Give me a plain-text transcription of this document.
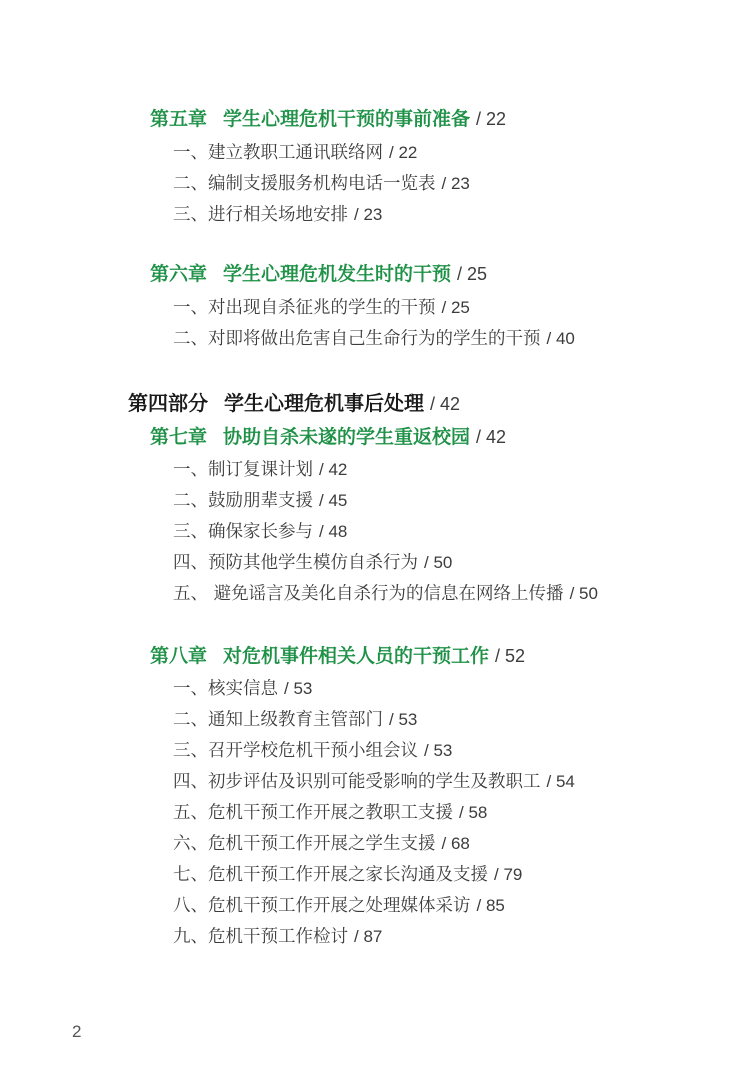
第五章 学生心理危机干预的事前准备 / 22
一、建立教职工通讯联络网 / 22
二、编制支援服务机构电话一览表 / 23
三、进行相关场地安排 / 23
第六章 学生心理危机发生时的干预 / 25
一、对出现自杀征兆的学生的干预 / 25
二、对即将做出危害自己生命行为的学生的干预 / 40
第四部分 学生心理危机事后处理 / 42
第七章 协助自杀未遂的学生重返校园 / 42
一、制订复课计划 / 42
二、鼓励朋辈支援 / 45
三、确保家长参与 / 48
四、预防其他学生模仿自杀行为 / 50
五、 避免谣言及美化自杀行为的信息在网络上传播 / 50
第八章 对危机事件相关人员的干预工作 / 52
一、核实信息 / 53
二、通知上级教育主管部门 / 53
三、召开学校危机干预小组会议 / 53
四、初步评估及识别可能受影响的学生及教职工 / 54
五、危机干预工作开展之教职工支援 / 58
六、危机干预工作开展之学生支援 / 68
七、危机干预工作开展之家长沟通及支援 / 79
八、危机干预工作开展之处理媒体采访 / 85
九、危机干预工作检讨 / 87
2
